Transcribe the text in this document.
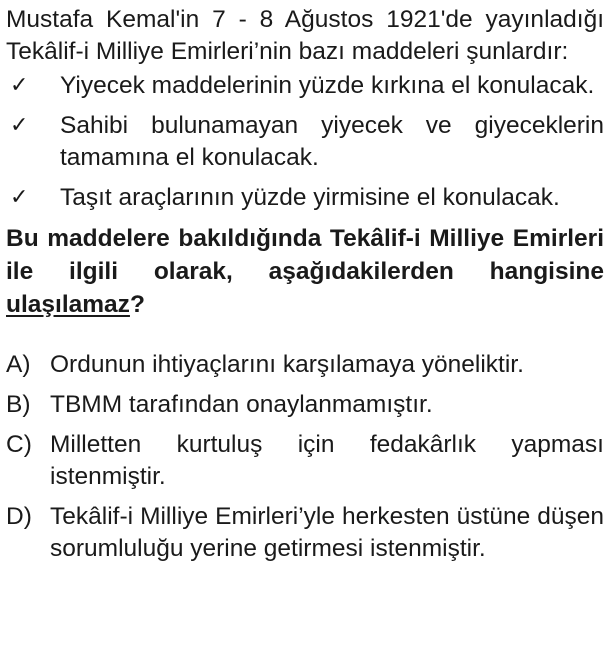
Mustafa Kemal'in 7 - 8 Ağustos 1921'de yayınladığı Tekâlif-i Milliye Emirleri’nin bazı maddeleri şunlardır:

✓	Yiyecek maddelerinin yüzde kırkına el konulacak.
✓	Sahibi bulunamayan yiyecek ve giyeceklerin tamamına el konulacak.
✓	Taşıt araçlarının yüzde yirmisine el konulacak.

Bu maddelere bakıldığında Tekâlif-i Milliye Emirleri ile ilgili olarak, aşağıdakilerden hangisine ulaşılamaz?

A) Ordunun ihtiyaçlarını karşılamaya yöneliktir.
B) TBMM tarafından onaylanmamıştır.
C) Milletten kurtuluş için fedakârlık yapması istenmiştir.
D) Tekâlif-i Milliye Emirleri’yle herkesten üstüne düşen sorumluluğu yerine getirmesi istenmiştir.
